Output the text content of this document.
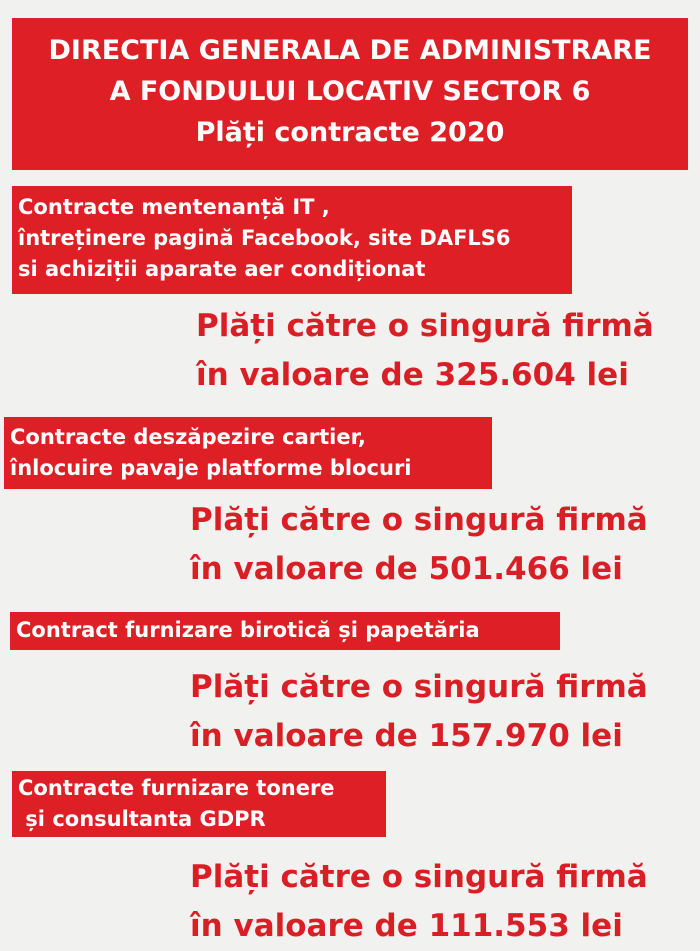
DIRECTIA GENERALA DE ADMINISTRARE
A FONDULUI LOCATIV SECTOR 6
Plăți contracte 2020
Contracte mentenanță IT ,
întreținere pagină Facebook, site DAFLS6
si achiziții aparate aer condiționat
Plăți către o singură firmă
în valoare de 325.604 lei
Contracte deszăpezire cartier,
înlocuire pavaje platforme blocuri
Plăți către o singură firmă
în valoare de 501.466 lei
Contract furnizare birotică și papetăria
Plăți către o singură firmă
în valoare de 157.970 lei
Contracte furnizare tonere
și consultanta GDPR
Plăți către o singură firmă
în valoare de 111.553 lei
